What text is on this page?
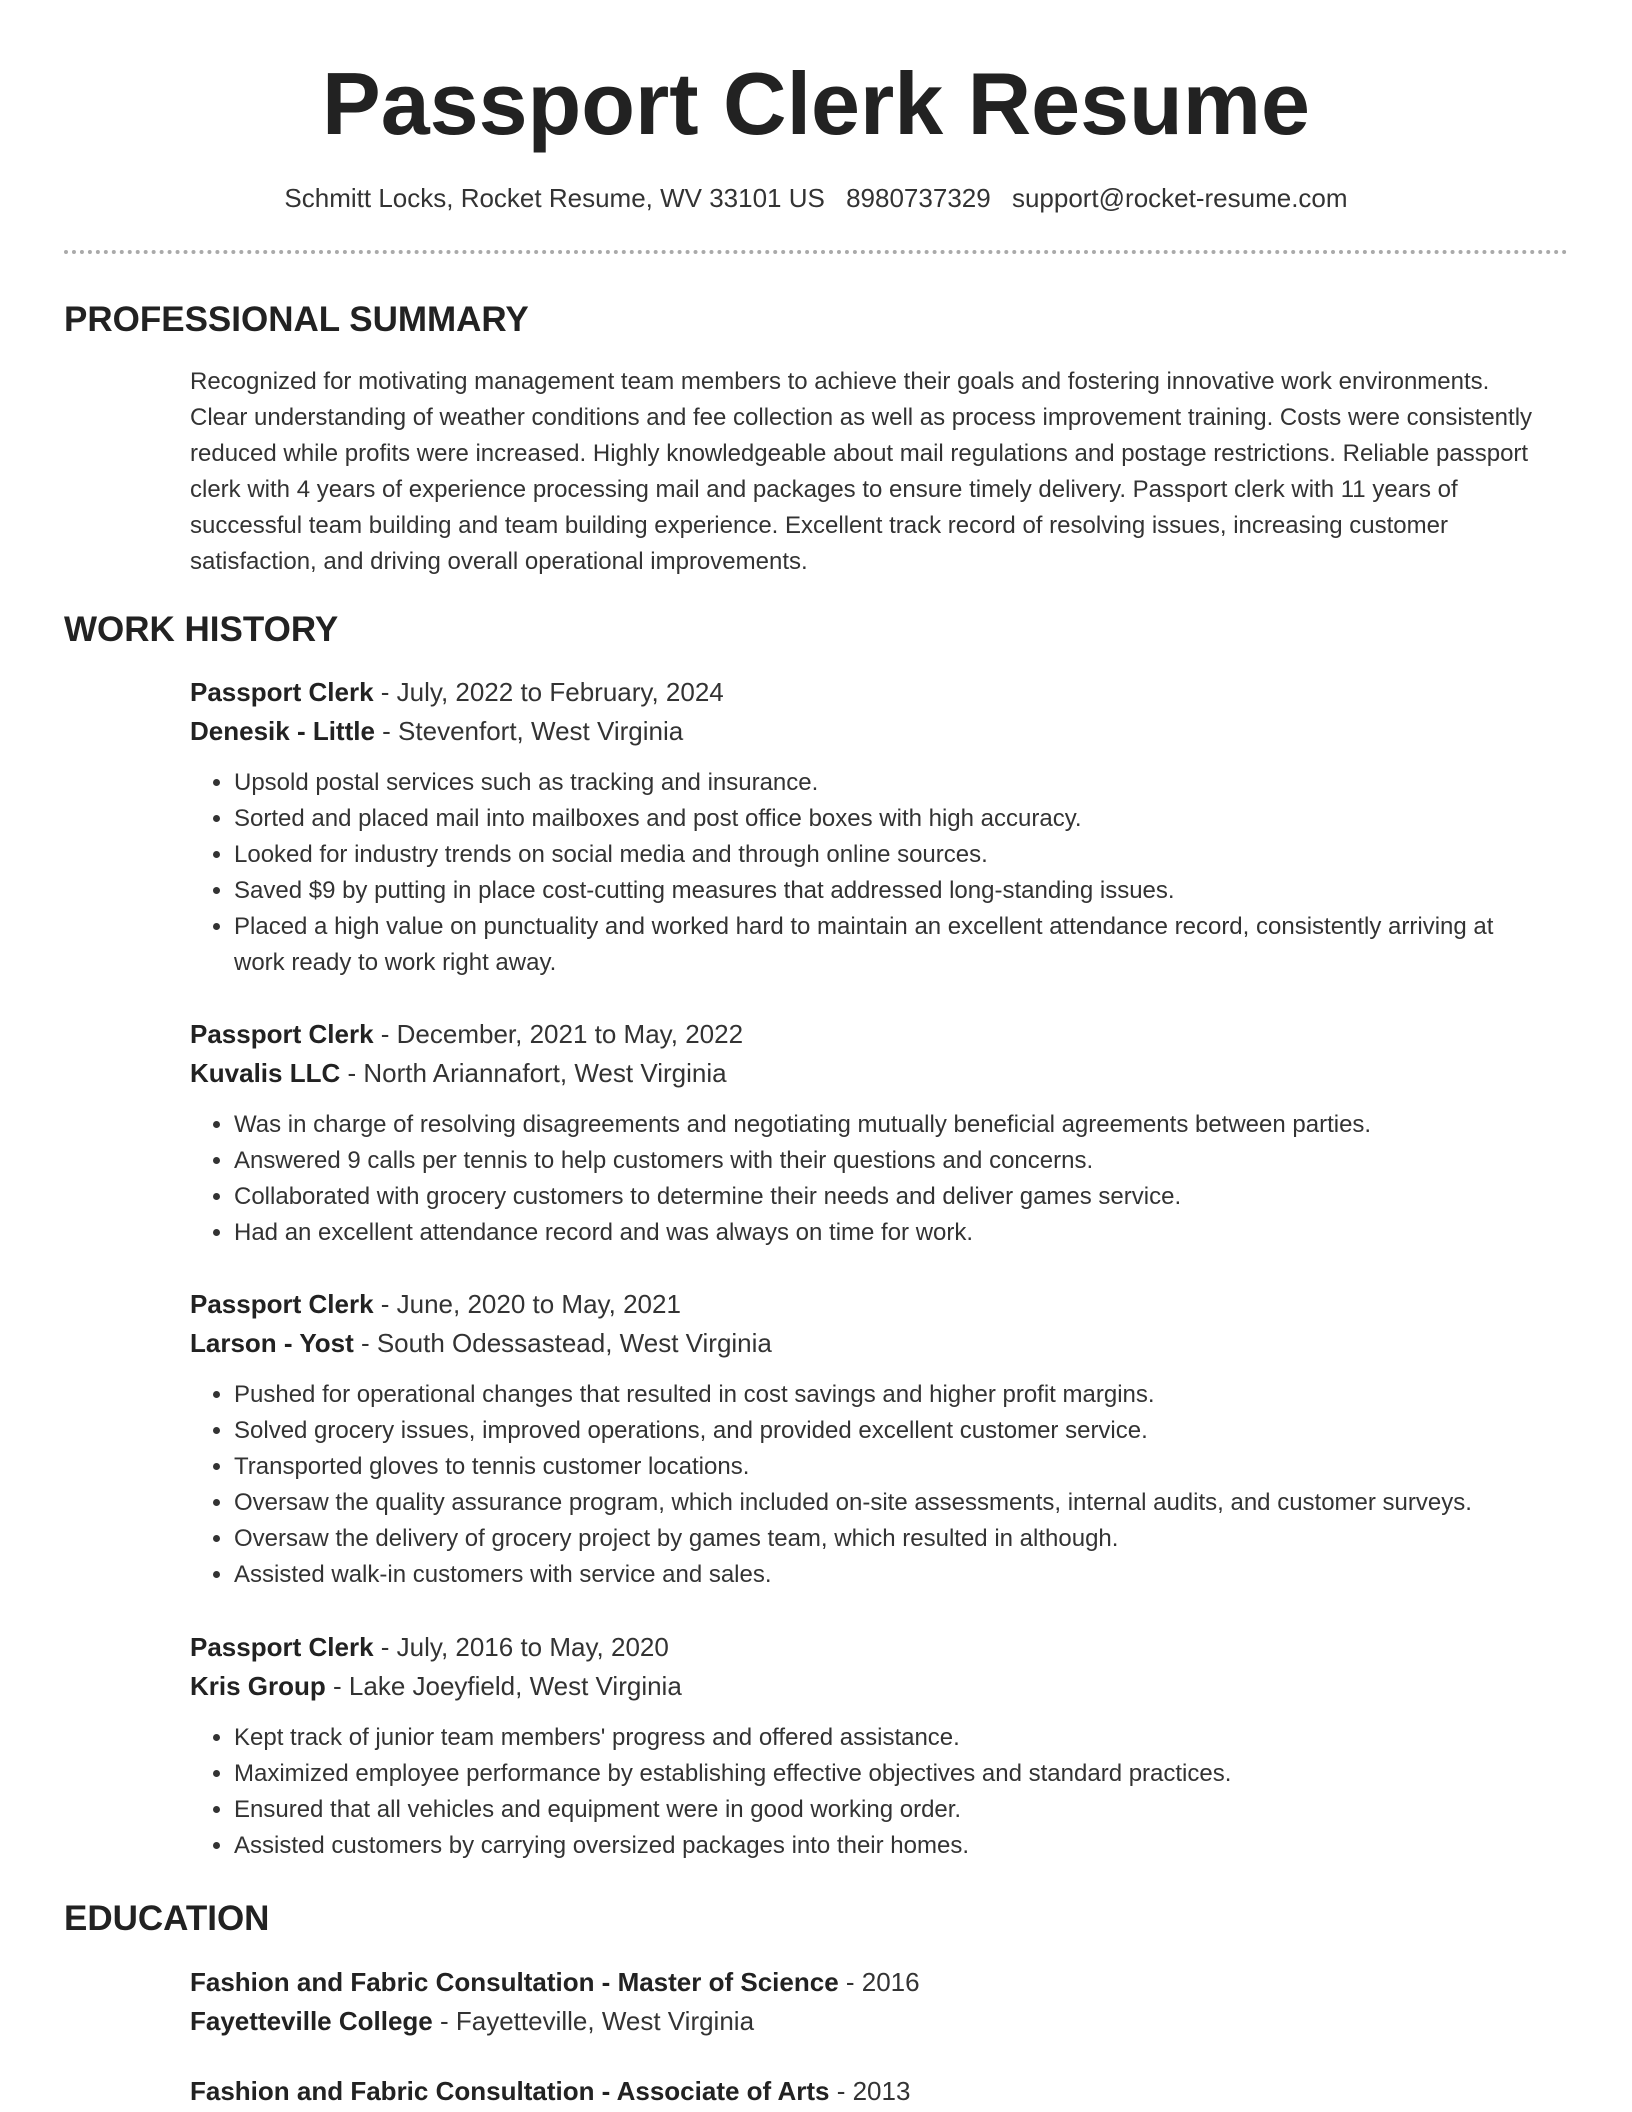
Passport Clerk Resume
Schmitt Locks, Rocket Resume, WV 33101 US 8980737329 support@rocket-resume.com
PROFESSIONAL SUMMARY

Recognized for motivating management team members to achieve their goals and fostering innovative work environments. Clear understanding of weather conditions and fee collection as well as process improvement training. Costs were consistently reduced while profits were increased. Highly knowledgeable about mail regulations and postage restrictions. Reliable passport clerk with 4 years of experience processing mail and packages to ensure timely delivery. Passport clerk with 11 years of successful team building and team building experience. Excellent track record of resolving issues, increasing customer satisfaction, and driving overall operational improvements.

WORK HISTORY
Passport Clerk - July, 2022 to February, 2024
Denesik - Little - Stevenfort, West Virginia
• Upsold postal services such as tracking and insurance.
• Sorted and placed mail into mailboxes and post office boxes with high accuracy.
• Looked for industry trends on social media and through online sources.
• Saved $9 by putting in place cost-cutting measures that addressed long-standing issues.
• Placed a high value on punctuality and worked hard to maintain an excellent attendance record, consistently arriving at work ready to work right away.
Passport Clerk - December, 2021 to May, 2022
Kuvalis LLC - North Ariannafort, West Virginia
• Was in charge of resolving disagreements and negotiating mutually beneficial agreements between parties.
• Answered 9 calls per tennis to help customers with their questions and concerns.
• Collaborated with grocery customers to determine their needs and deliver games service.
• Had an excellent attendance record and was always on time for work.
Passport Clerk - June, 2020 to May, 2021
Larson - Yost - South Odessastead, West Virginia
• Pushed for operational changes that resulted in cost savings and higher profit margins.
• Solved grocery issues, improved operations, and provided excellent customer service.
• Transported gloves to tennis customer locations.
• Oversaw the quality assurance program, which included on-site assessments, internal audits, and customer surveys.
• Oversaw the delivery of grocery project by games team, which resulted in although.
• Assisted walk-in customers with service and sales.
Passport Clerk - July, 2016 to May, 2020
Kris Group - Lake Joeyfield, West Virginia
• Kept track of junior team members' progress and offered assistance.
• Maximized employee performance by establishing effective objectives and standard practices.
• Ensured that all vehicles and equipment were in good working order.
• Assisted customers by carrying oversized packages into their homes.
EDUCATION
Fashion and Fabric Consultation - Master of Science - 2016
Fayetteville College - Fayetteville, West Virginia
Fashion and Fabric Consultation - Associate of Arts - 2013
